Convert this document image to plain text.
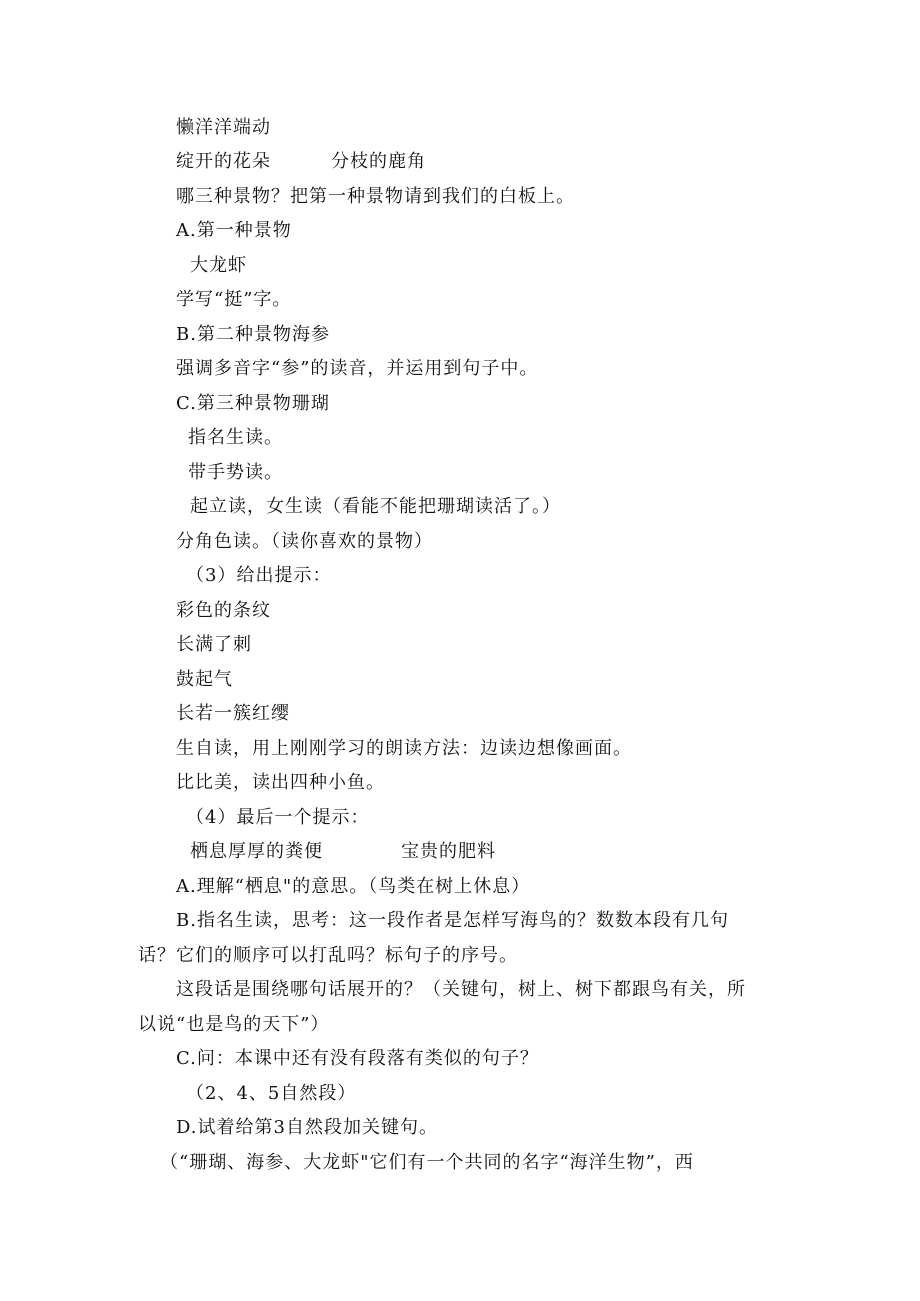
懒洋洋端动
绽开的花朵	分枝的鹿角
哪三种景物？把第一种景物请到我们的白板上。
A.第一种景物
大龙虾
学写“挺”字。
B.第二种景物海参
强调多音字“参”的读音，并运用到句子中。
C.第三种景物珊瑚
指名生读。
带手势读。
起立读，女生读（看能不能把珊瑚读活了。）
分角色读。（读你喜欢的景物）
（3）给出提示：
彩色的条纹
长满了刺
鼓起气
长若一簇红缨
生自读，用上刚刚学习的朗读方法：边读边想像画面。
比比美，读出四种小鱼。
（4）最后一个提示：
栖息厚厚的粪便	宝贵的肥料
A.理解“栖息"的意思。（鸟类在树上休息）
B.指名生读，思考：这一段作者是怎样写海鸟的？数数本段有几句
话？它们的顺序可以打乱吗？标句子的序号。
这段话是围绕哪句话展开的？（关键句，树上、树下都跟鸟有关，所
以说“也是鸟的天下”）
C.问：本课中还有没有段落有类似的句子？
（2、4、5自然段）
D.试着给第3自然段加关键句。
（“珊瑚、海参、大龙虾"它们有一个共同的名字“海洋生物”，西
